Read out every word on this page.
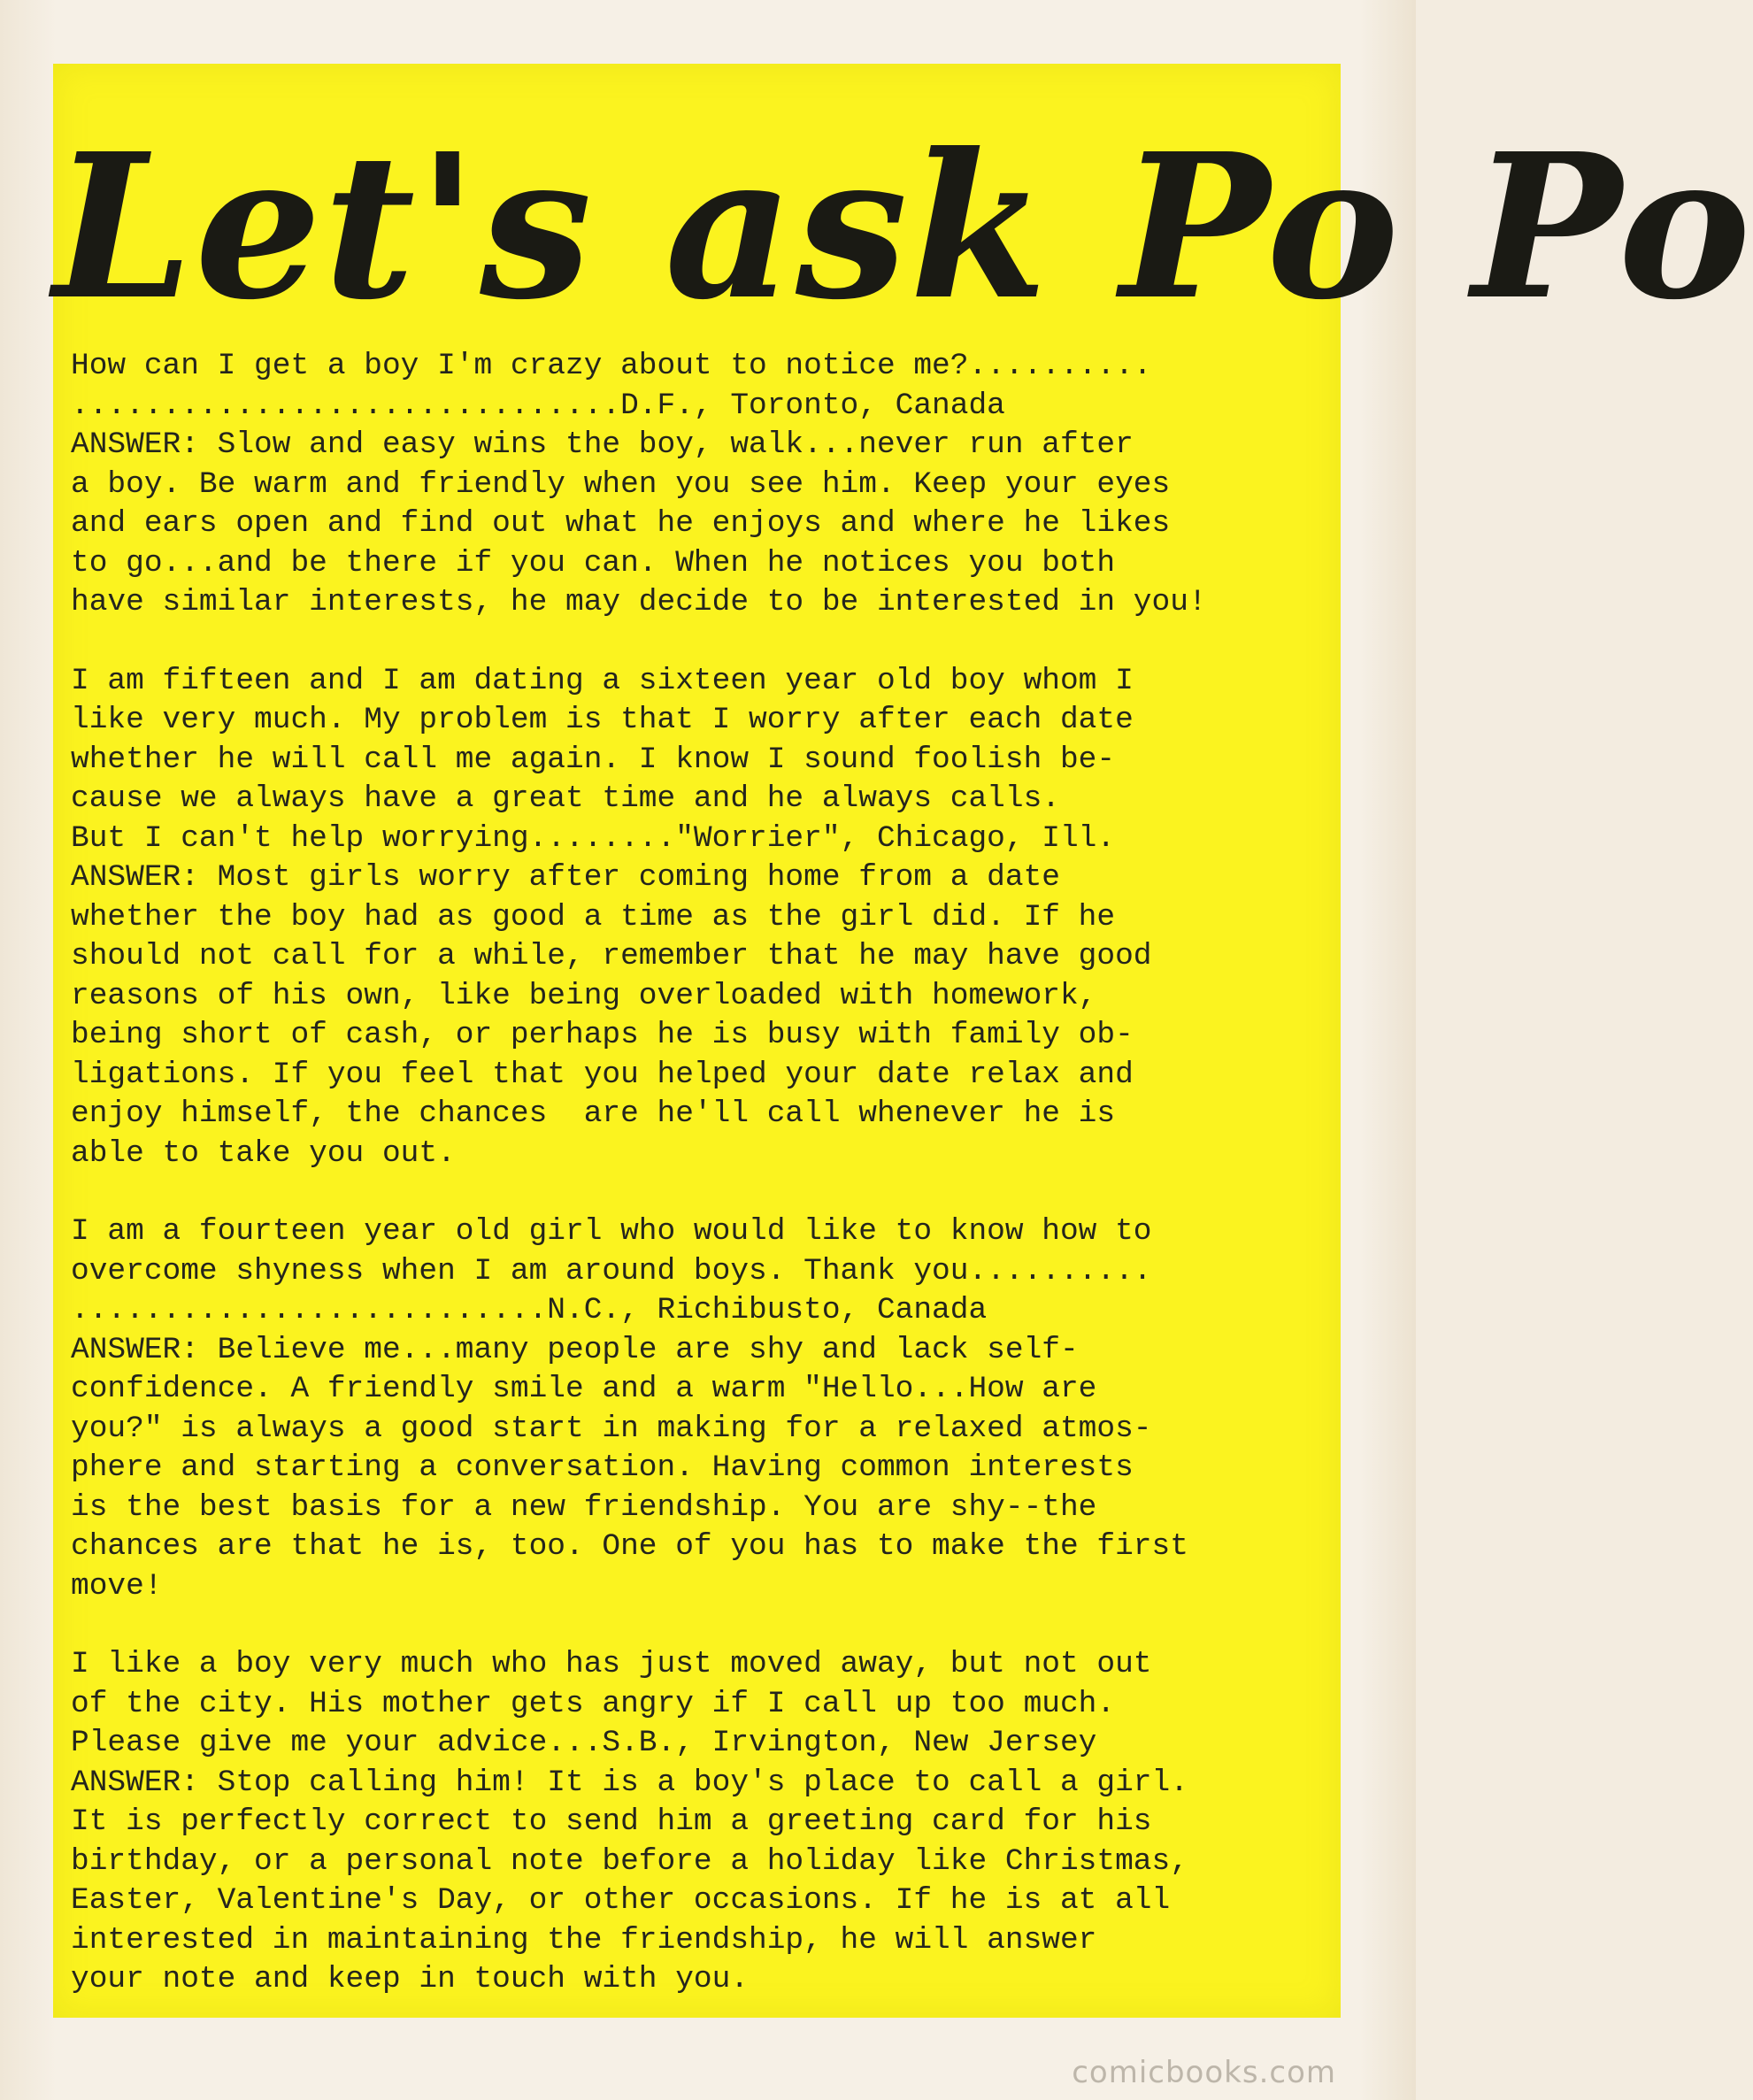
Let's ask Po Po
How can I get a boy I'm crazy about to notice me?..........
..............................D.F., Toronto, Canada
ANSWER: Slow and easy wins the boy, walk...never run after
a boy. Be warm and friendly when you see him. Keep your eyes
and ears open and find out what he enjoys and where he likes
to go...and be there if you can. When he notices you both
have similar interests, he may decide to be interested in you!
I am fifteen and I am dating a sixteen year old boy whom I
like very much. My problem is that I worry after each date
whether he will call me again. I know I sound foolish be-
cause we always have a great time and he always calls.
But I can't help worrying........"Worrier", Chicago, Ill.
ANSWER: Most girls worry after coming home from a date
whether the boy had as good a time as the girl did. If he
should not call for a while, remember that he may have good
reasons of his own, like being overloaded with homework,
being short of cash, or perhaps he is busy with family ob-
ligations. If you feel that you helped your date relax and
enjoy himself, the chances  are he'll call whenever he is
able to take you out.
I am a fourteen year old girl who would like to know how to
overcome shyness when I am around boys. Thank you..........
..........................N.C., Richibusto, Canada
ANSWER: Believe me...many people are shy and lack self-
confidence. A friendly smile and a warm "Hello...How are
you?" is always a good start in making for a relaxed atmos-
phere and starting a conversation. Having common interests
is the best basis for a new friendship. You are shy--the
chances are that he is, too. One of you has to make the first
move!
I like a boy very much who has just moved away, but not out
of the city. His mother gets angry if I call up too much.
Please give me your advice...S.B., Irvington, New Jersey
ANSWER: Stop calling him! It is a boy's place to call a girl.
It is perfectly correct to send him a greeting card for his
birthday, or a personal note before a holiday like Christmas,
Easter, Valentine's Day, or other occasions. If he is at all
interested in maintaining the friendship, he will answer
your note and keep in touch with you.
comicbooks.com
